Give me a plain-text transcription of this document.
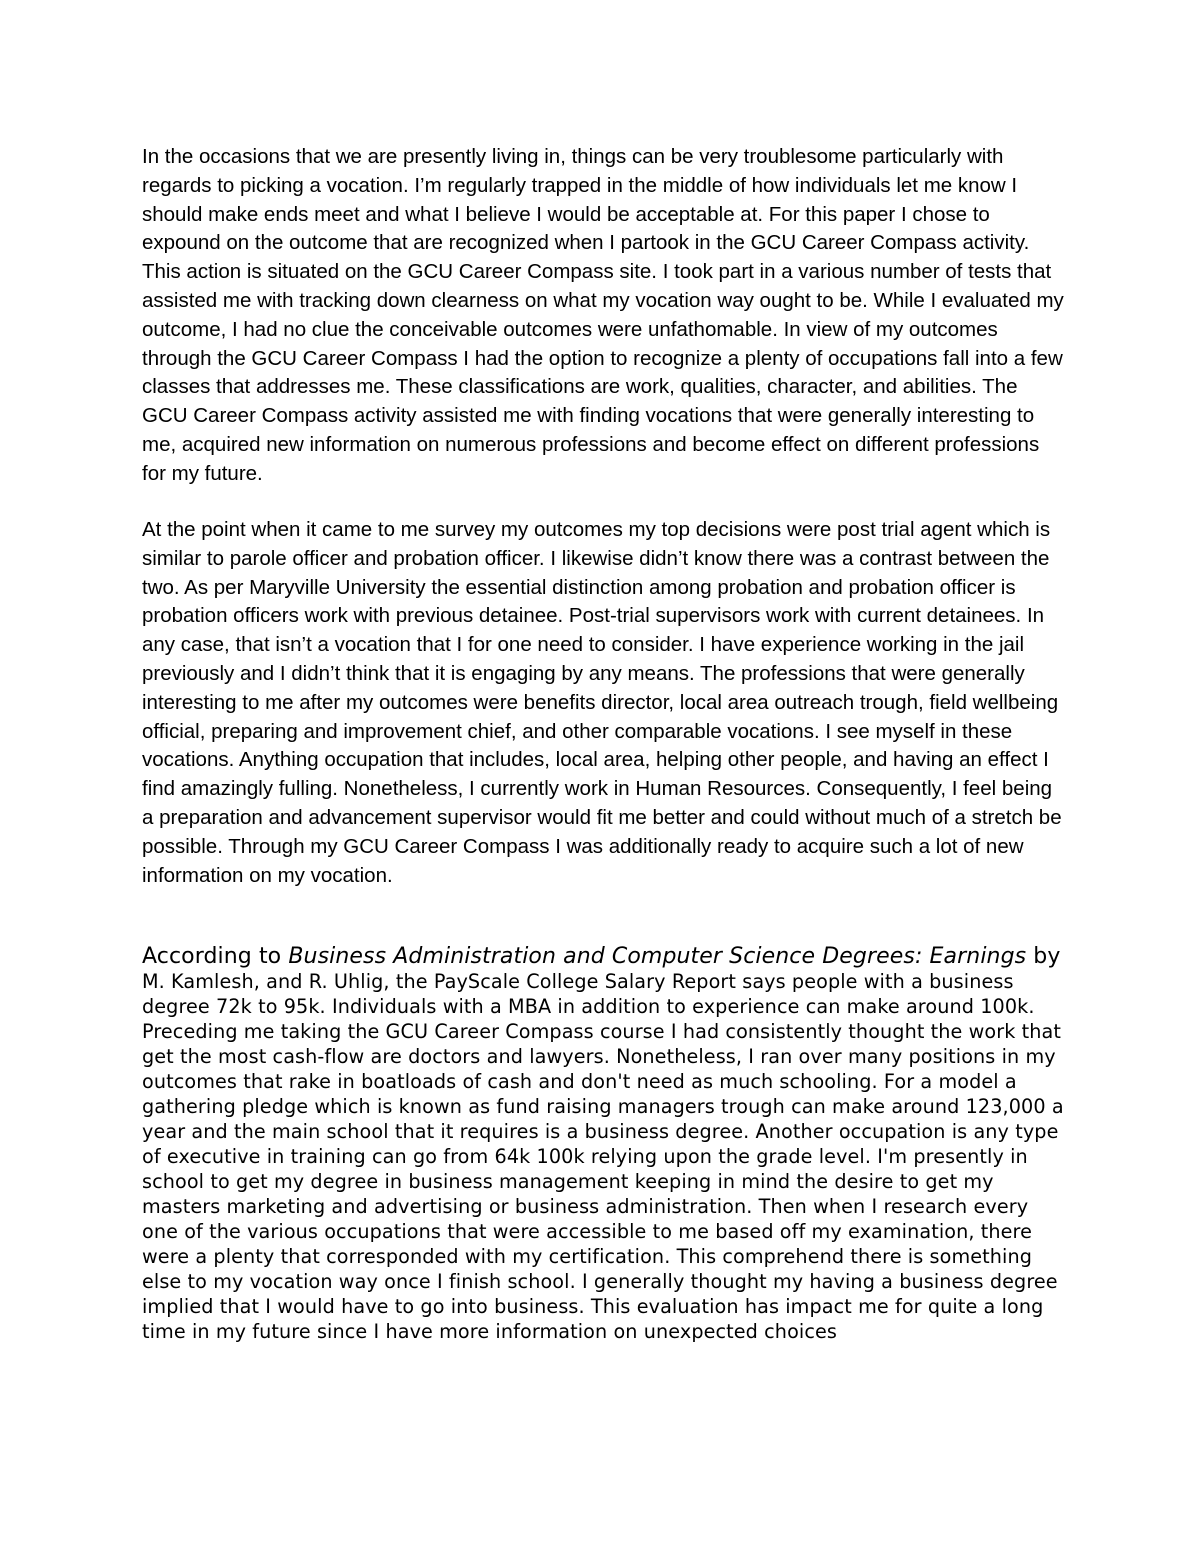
In the occasions that we are presently living in, things can be very troublesome particularly with regards to picking a vocation. I’m regularly trapped in the middle of how individuals let me know I should make ends meet and what I believe I would be acceptable at. For this paper I chose to expound on the outcome that are recognized when I partook in the GCU Career Compass activity. This action is situated on the GCU Career Compass site. I took part in a various number of tests that assisted me with tracking down clearness on what my vocation way ought to be. While I evaluated my outcome, I had no clue the conceivable outcomes were unfathomable. In view of my outcomes through the GCU Career Compass I had the option to recognize a plenty of occupations fall into a few classes that addresses me. These classifications are work, qualities, character, and abilities. The GCU Career Compass activity assisted me with finding vocations that were generally interesting to me, acquired new information on numerous professions and become effect on different professions for my future.

At the point when it came to me survey my outcomes my top decisions were post trial agent which is similar to parole officer and probation officer. I likewise didn’t know there was a contrast between the two. As per Maryville University the essential distinction among probation and probation officer is probation officers work with previous detainee. Post-trial supervisors work with current detainees. In any case, that isn’t a vocation that I for one need to consider. I have experience working in the jail previously and I didn’t think that it is engaging by any means. The professions that were generally interesting to me after my outcomes were benefits director, local area outreach trough, field wellbeing official, preparing and improvement chief, and other comparable vocations. I see myself in these vocations. Anything occupation that includes, local area, helping other people, and having an effect I find amazingly fulling. Nonetheless, I currently work in Human Resources. Consequently, I feel being a preparation and advancement supervisor would fit me better and could without much of a stretch be possible. Through my GCU Career Compass I was additionally ready to acquire such a lot of new information on my vocation.

According to Business Administration and Computer Science Degrees: Earnings by M. Kamlesh, and R. Uhlig, the PayScale College Salary Report says people with a business degree 72k to 95k. Individuals with a MBA in addition to experience can make around 100k. Preceding me taking the GCU Career Compass course I had consistently thought the work that get the most cash-flow are doctors and lawyers. Nonetheless, I ran over many positions in my outcomes that rake in boatloads of cash and don't need as much schooling. For a model a gathering pledge which is known as fund raising managers trough can make around 123,000 a year and the main school that it requires is a business degree. Another occupation is any type of executive in training can go from 64k 100k relying upon the grade level. I'm presently in school to get my degree in business management keeping in mind the desire to get my masters marketing and advertising or business administration. Then when I research every one of the various occupations that were accessible to me based off my examination, there were a plenty that corresponded with my certification. This comprehend there is something else to my vocation way once I finish school. I generally thought my having a business degree implied that I would have to go into business. This evaluation has impact me for quite a long time in my future since I have more information on unexpected choices
